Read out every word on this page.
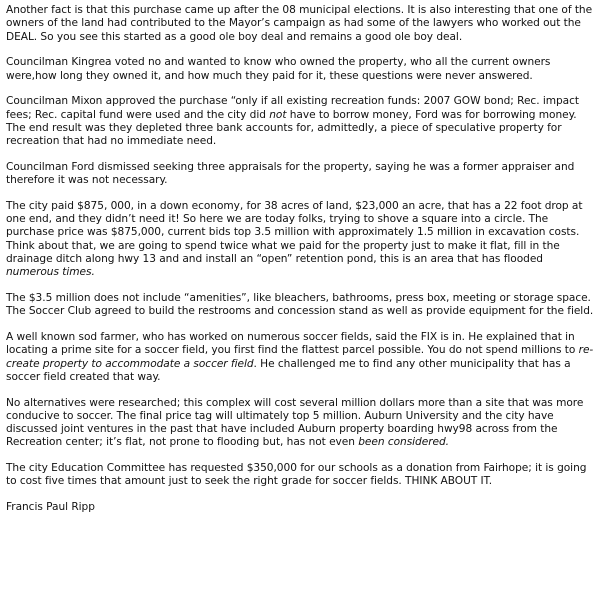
Another fact is that this purchase came up after the 08 municipal elections. It is also interesting that one of the owners of the land had contributed to the Mayor’s campaign as had some of the lawyers who worked out the DEAL. So you see this started as a good ole boy deal and remains a good ole boy deal.

Councilman Kingrea voted no and wanted to know who owned the property, who all the current owners were,how long they owned it, and how much they paid for it, these questions were never answered.

Councilman Mixon approved the purchase “only if all existing recreation funds: 2007 GOW bond; Rec. impact fees; Rec. capital fund were used and the city did not have to borrow money, Ford was for borrowing money. The end result was they depleted three bank accounts for, admittedly, a piece of speculative property for recreation that had no immediate need.

Councilman Ford dismissed seeking three appraisals for the property, saying he was a former appraiser and therefore it was not necessary.

The city paid $875, 000, in a down economy, for 38 acres of land, $23,000 an acre, that has a 22 foot drop at one end, and they didn’t need it! So here we are today folks, trying to shove a square into a circle. The purchase price was $875,000, current bids top 3.5 million with approximately 1.5 million in excavation costs. Think about that, we are going to spend twice what we paid for the property just to make it flat, fill in the drainage ditch along hwy 13 and and install an “open” retention pond, this is an area that has flooded numerous times.

The $3.5 million does not include “amenities”, like bleachers, bathrooms, press box, meeting or storage space. The Soccer Club agreed to build the restrooms and concession stand as well as provide equipment for the field.

A well known sod farmer, who has worked on numerous soccer fields, said the FIX is in. He explained that in locating a prime site for a soccer field, you first find the flattest parcel possible. You do not spend millions to re-create property to accommodate a soccer field. He challenged me to find any other municipality that has a soccer field created that way.

No alternatives were researched; this complex will cost several million dollars more than a site that was more conducive to soccer. The final price tag will ultimately top 5 million. Auburn University and the city have discussed joint ventures in the past that have included Auburn property boarding hwy98 across from the Recreation center; it’s flat, not prone to flooding but, has not even been considered.

The city Education Committee has requested $350,000 for our schools as a donation from Fairhope; it is going to cost five times that amount just to seek the right grade for soccer fields. THINK ABOUT IT.

Francis Paul Ripp
